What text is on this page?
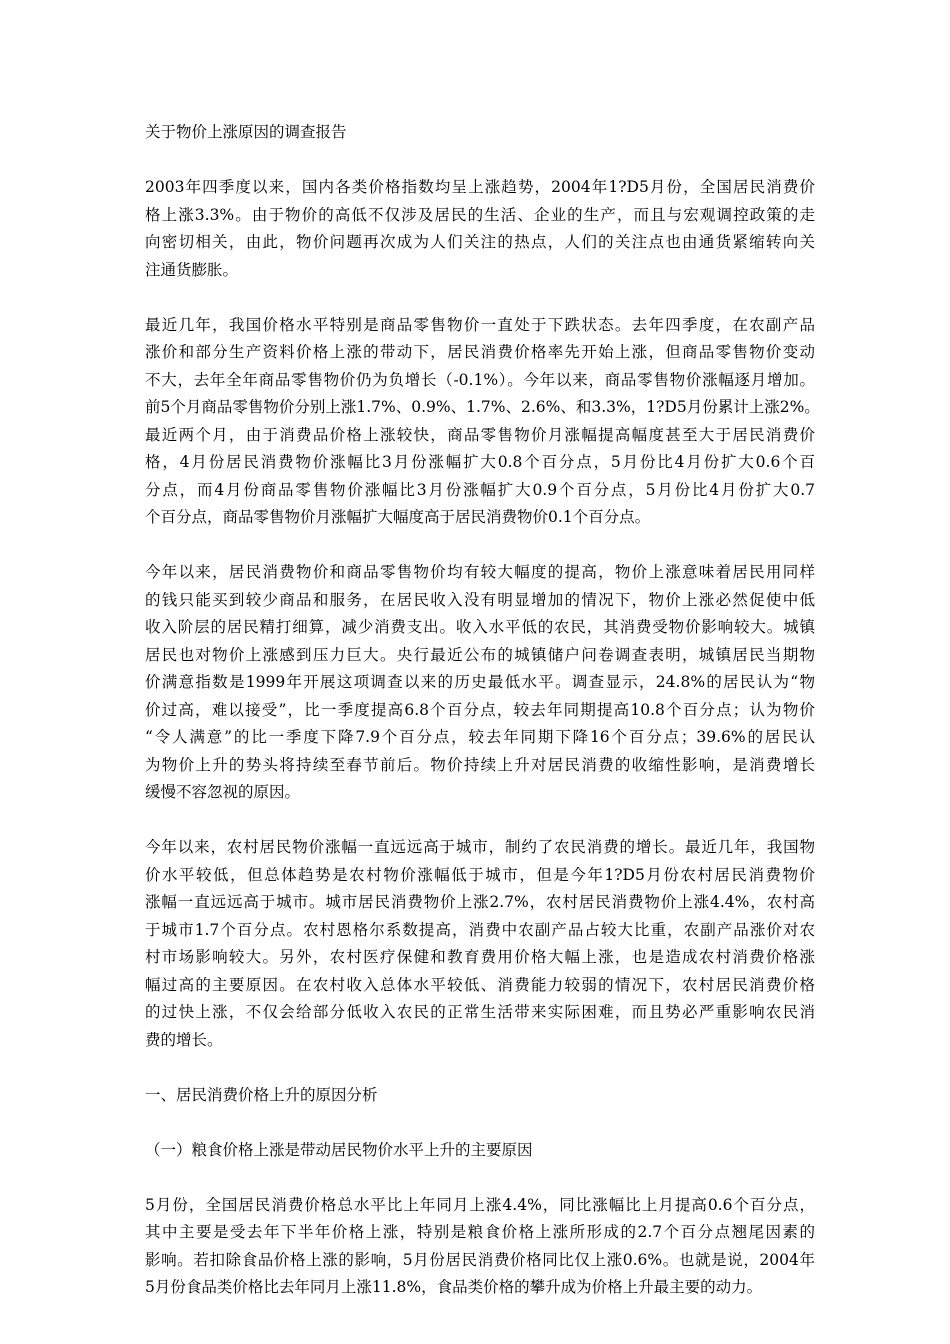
关于物价上涨原因的调查报告
2003年四季度以来，国内各类价格指数均呈上涨趋势，2004年1?D5月份，全国居民消费价
格上涨3.3%。由于物价的高低不仅涉及居民的生活、企业的生产，而且与宏观调控政策的走
向密切相关，由此，物价问题再次成为人们关注的热点，人们的关注点也由通货紧缩转向关
注通货膨胀。
最近几年，我国价格水平特别是商品零售物价一直处于下跌状态。去年四季度，在农副产品
涨价和部分生产资料价格上涨的带动下，居民消费价格率先开始上涨，但商品零售物价变动
不大，去年全年商品零售物价仍为负增长（-0.1%）。今年以来，商品零售物价涨幅逐月增加。
前5个月商品零售物价分别上涨1.7%、0.9%、1.7%、2.6%、和3.3%，1?D5月份累计上涨2%。
最近两个月，由于消费品价格上涨较快，商品零售物价月涨幅提高幅度甚至大于居民消费价
格，4月份居民消费物价涨幅比3月份涨幅扩大0.8个百分点，5月份比4月份扩大0.6个百
分点，而4月份商品零售物价涨幅比3月份涨幅扩大0.9个百分点，5月份比4月份扩大0.7
个百分点，商品零售物价月涨幅扩大幅度高于居民消费物价0.1个百分点。
今年以来，居民消费物价和商品零售物价均有较大幅度的提高，物价上涨意味着居民用同样
的钱只能买到较少商品和服务，在居民收入没有明显增加的情况下，物价上涨必然促使中低
收入阶层的居民精打细算，减少消费支出。收入水平低的农民，其消费受物价影响较大。城镇
居民也对物价上涨感到压力巨大。央行最近公布的城镇储户问卷调查表明，城镇居民当期物
价满意指数是1999年开展这项调查以来的历史最低水平。调查显示，24.8%的居民认为“物
价过高，难以接受”，比一季度提高6.8个百分点，较去年同期提高10.8个百分点；认为物价
“令人满意”的比一季度下降7.9个百分点，较去年同期下降16个百分点；39.6%的居民认
为物价上升的势头将持续至春节前后。物价持续上升对居民消费的收缩性影响，是消费增长
缓慢不容忽视的原因。
今年以来，农村居民物价涨幅一直远远高于城市，制约了农民消费的增长。最近几年，我国物
价水平较低，但总体趋势是农村物价涨幅低于城市，但是今年1?D5月份农村居民消费物价
涨幅一直远远高于城市。城市居民消费物价上涨2.7%，农村居民消费物价上涨4.4%，农村高
于城市1.7个百分点。农村恩格尔系数提高，消费中农副产品占较大比重，农副产品涨价对农
村市场影响较大。另外，农村医疗保健和教育费用价格大幅上涨，也是造成农村消费价格涨
幅过高的主要原因。在农村收入总体水平较低、消费能力较弱的情况下，农村居民消费价格
的过快上涨，不仅会给部分低收入农民的正常生活带来实际困难，而且势必严重影响农民消
费的增长。
一、居民消费价格上升的原因分析
（一）粮食价格上涨是带动居民物价水平上升的主要原因
5月份，全国居民消费价格总水平比上年同月上涨4.4%，同比涨幅比上月提高0.6个百分点，
其中主要是受去年下半年价格上涨，特别是粮食价格上涨所形成的2.7个百分点翘尾因素的
影响。若扣除食品价格上涨的影响，5月份居民消费价格同比仅上涨0.6%。也就是说，2004年
5月份食品类价格比去年同月上涨11.8%，食品类价格的攀升成为价格上升最主要的动力。
